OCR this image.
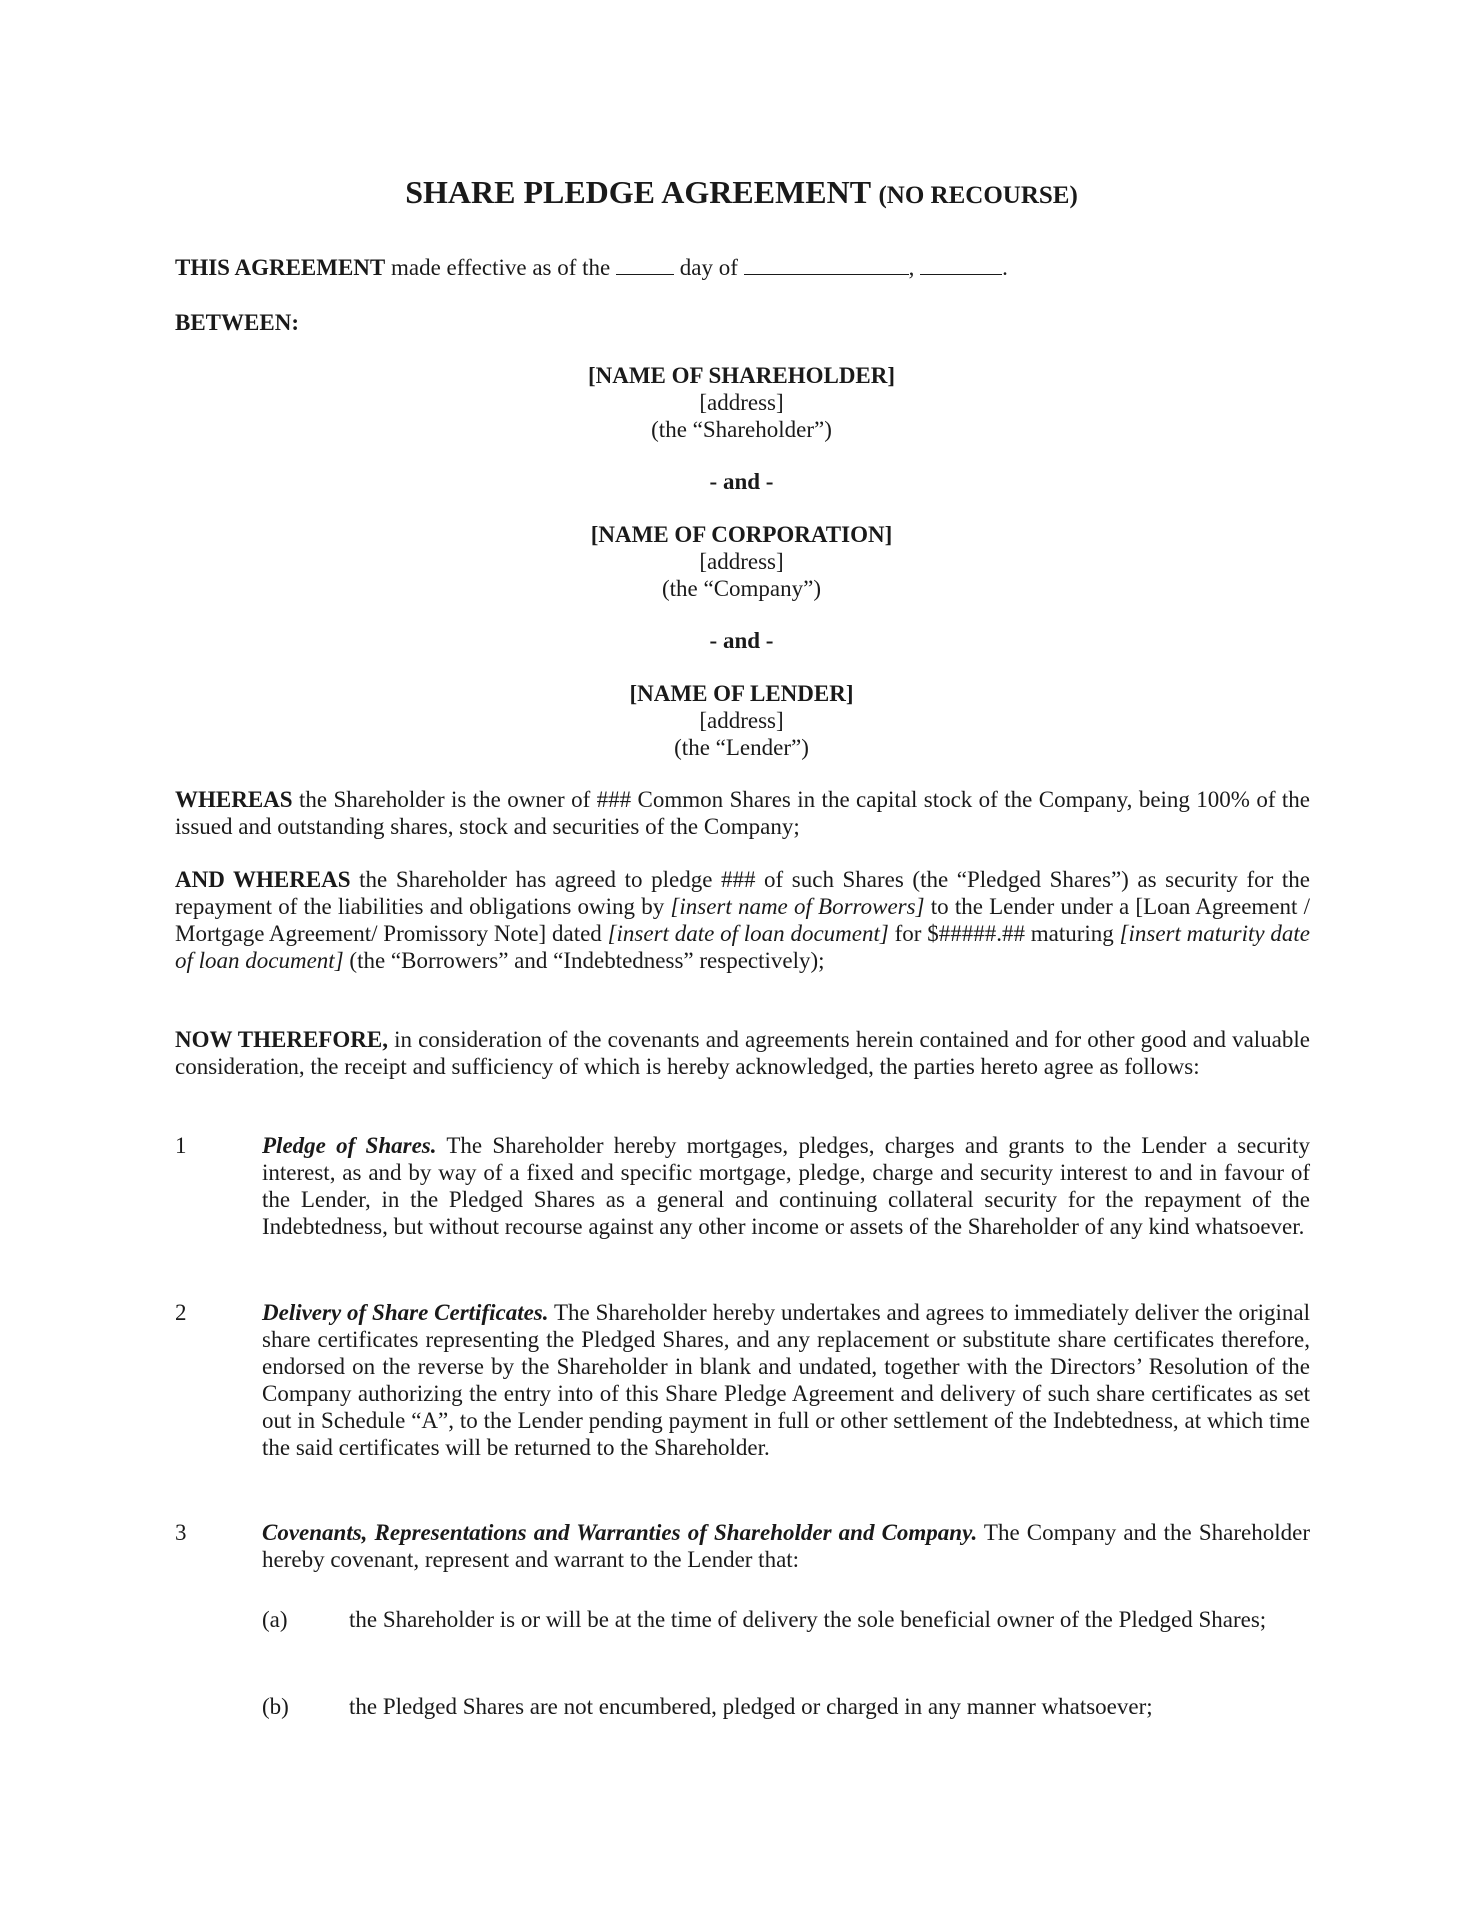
SHARE PLEDGE AGREEMENT (NO RECOURSE)
THIS AGREEMENT made effective as of the	day of	,	.
BETWEEN:
[NAME OF SHAREHOLDER]
[address]
(the “Shareholder”)
- and -
[NAME OF CORPORATION]
[address]
(the “Company”)
- and -
[NAME OF LENDER]
[address]
(the “Lender”)
WHEREAS the Shareholder is the owner of ### Common Shares in the capital stock of the Company, being 100% of the issued and outstanding shares, stock and securities of the Company;
AND WHEREAS the Shareholder has agreed to pledge ### of such Shares (the “Pledged Shares”) as security for the repayment of the liabilities and obligations owing by [insert name of Borrowers] to the Lender under a [Loan Agreement / Mortgage Agreement/ Promissory Note] dated [insert date of loan document] for $#####.## maturing [insert maturity date of loan document] (the “Borrowers” and “Indebtedness” respectively);
NOW THEREFORE, in consideration of the covenants and agreements herein contained and for other good and valuable consideration, the receipt and sufficiency of which is hereby acknowledged, the parties hereto agree as follows:
1	Pledge of Shares. The Shareholder hereby mortgages, pledges, charges and grants to the Lender a security interest, as and by way of a fixed and specific mortgage, pledge, charge and security interest to and in favour of the Lender, in the Pledged Shares as a general and continuing collateral security for the repayment of the Indebtedness, but without recourse against any other income or assets of the Shareholder of any kind whatsoever.
2	Delivery of Share Certificates. The Shareholder hereby undertakes and agrees to immediately deliver the original share certificates representing the Pledged Shares, and any replacement or substitute share certificates therefore, endorsed on the reverse by the Shareholder in blank and undated, together with the Directors’ Resolution of the Company authorizing the entry into of this Share Pledge Agreement and delivery of such share certificates as set out in Schedule “A”, to the Lender pending payment in full or other settlement of the Indebtedness, at which time the said certificates will be returned to the Shareholder.
3	Covenants, Representations and Warranties of Shareholder and Company. The Company and the Shareholder hereby covenant, represent and warrant to the Lender that:
(a)	the Shareholder is or will be at the time of delivery the sole beneficial owner of the Pledged Shares;
(b)	the Pledged Shares are not encumbered, pledged or charged in any manner whatsoever;
